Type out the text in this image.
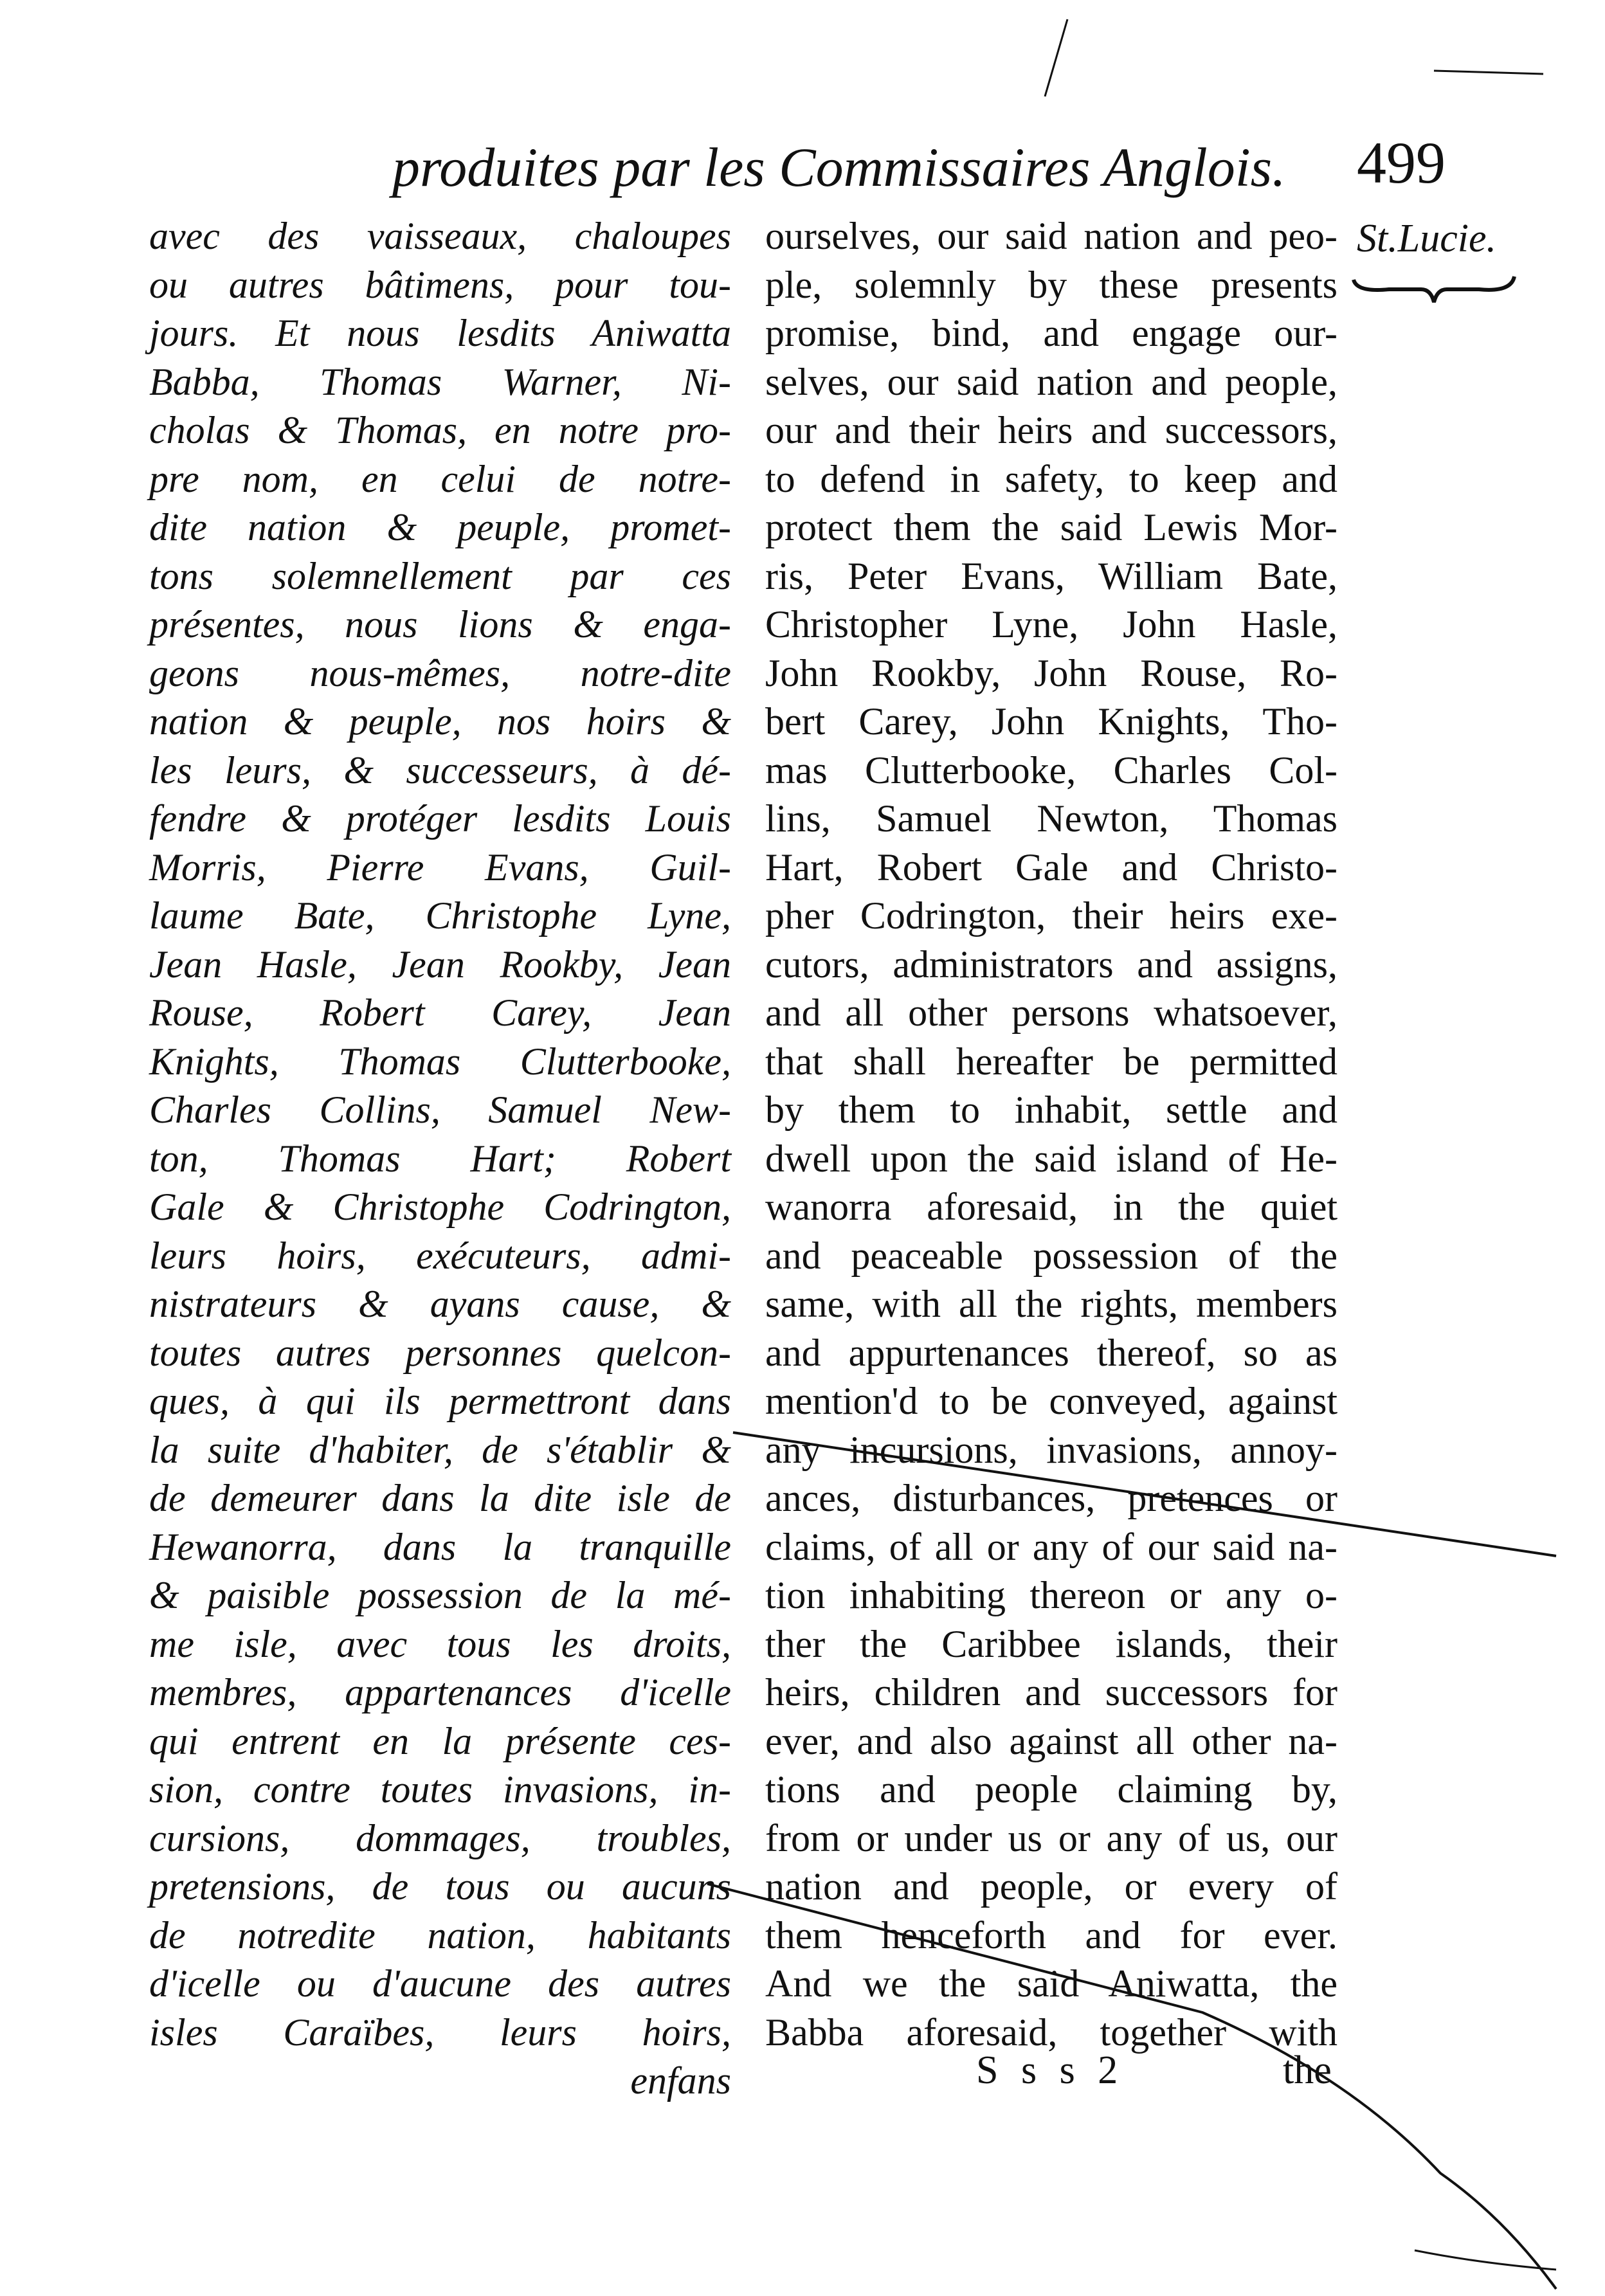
produites par les Commissaires Anglois. 499
St.Lucie.
avec des vaisseaux, chaloupes
ou autres bâtimens, pour tou-
jours. Et nous lesdits Aniwatta
Babba, Thomas Warner, Ni-
cholas & Thomas, en notre pro-
pre nom, en celui de notre-
dite nation & peuple, promet-
tons solemnellement par ces
présentes, nous lions & enga-
geons nous-mêmes, notre-dite
nation & peuple, nos hoirs &
les leurs, & successeurs, à dé-
fendre & protéger lesdits Louis
Morris, Pierre Evans, Guil-
laume Bate, Christophe Lyne,
Jean Hasle, Jean Rookby, Jean
Rouse, Robert Carey, Jean
Knights, Thomas Clutterbooke,
Charles Collins, Samuel New-
ton, Thomas Hart; Robert
Gale & Christophe Codrington,
leurs hoirs, exécuteurs, admi-
nistrateurs & ayans cause, &
toutes autres personnes quelcon-
ques, à qui ils permettront dans
la suite d'habiter, de s'établir &
de demeurer dans la dite isle de
Hewanorra, dans la tranquille
& paisible possession de la mé-
me isle, avec tous les droits,
membres, appartenances d'icelle
qui entrent en la présente ces-
sion, contre toutes invasions, in-
cursions, dommages, troubles,
pretensions, de tous ou aucuns
de notredite nation, habitants
d'icelle ou d'aucune des autres
isles Caraïbes, leurs hoirs,
enfans
ourselves, our said nation and peo-
ple, solemnly by these presents
promise, bind, and engage our-
selves, our said nation and people,
our and their heirs and successors,
to defend in safety, to keep and
protect them the said Lewis Mor-
ris, Peter Evans, William Bate,
Christopher Lyne, John Hasle,
John Rookby, John Rouse, Ro-
bert Carey, John Knights, Tho-
mas Clutterbooke, Charles Col-
lins, Samuel Newton, Thomas
Hart, Robert Gale and Christo-
pher Codrington, their heirs exe-
cutors, administrators and assigns,
and all other persons whatsoever,
that shall hereafter be permitted
by them to inhabit, settle and
dwell upon the said island of He-
wanorra aforesaid, in the quiet
and peaceable possession of the
same, with all the rights, members
and appurtenances thereof, so as
mention'd to be conveyed, against
any incursions, invasions, annoy-
ances, disturbances, pretences or
claims, of all or any of our said na-
tion inhabiting thereon or any o-
ther the Caribbee islands, their
heirs, children and successors for
ever, and also against all other na-
tions and people claiming by,
from or under us or any of us, our
nation and people, or every of
them henceforth and for ever.
And we the said Aniwatta, the
Babba aforesaid, together with
S s s 2	the
